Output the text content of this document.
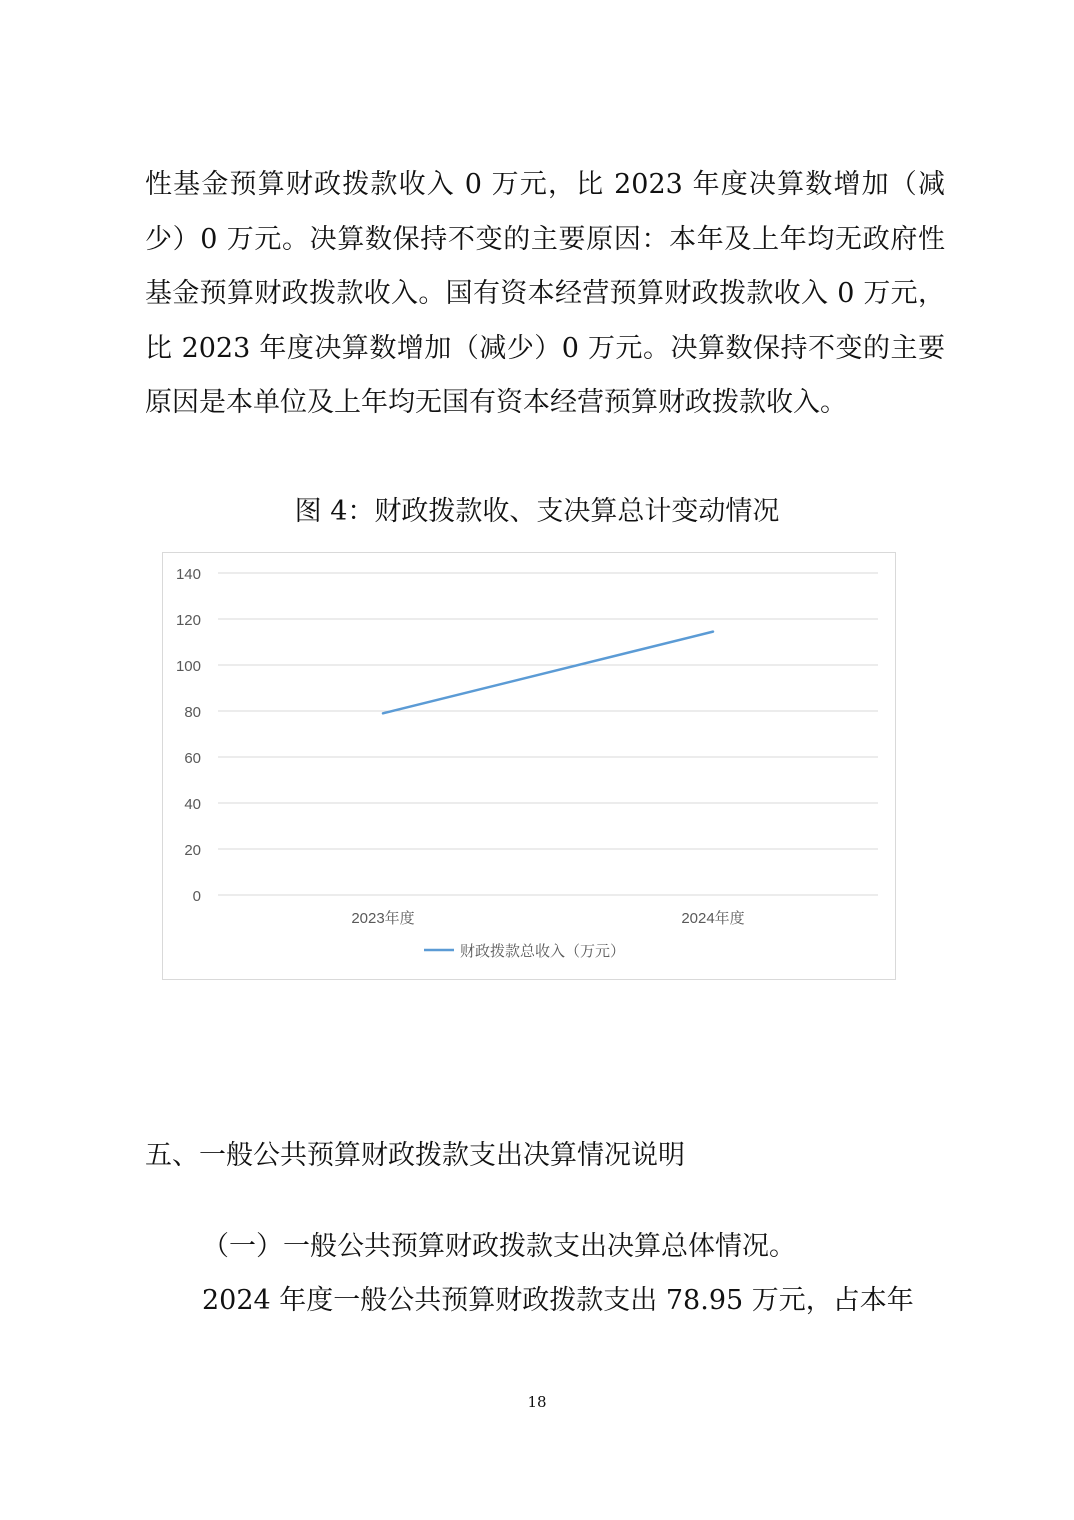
性基金预算财政拨款收入 0 万元，比 2023 年度决算数增加（减少）0 万元。决算数保持不变的主要原因：本年及上年均无政府性基金预算财政拨款收入。国有资本经营预算财政拨款收入 0 万元，比 2023 年度决算数增加（减少）0 万元。决算数保持不变的主要原因是本单位及上年均无国有资本经营预算财政拨款收入。

图 4：财政拨款收、支决算总计变动情况
0
20
40
60
80
100
120
140
2023年度	2024年度
财政拨款总收入（万元）
五、一般公共预算财政拨款支出决算情况说明
（一）一般公共预算财政拨款支出决算总体情况。
2024 年度一般公共预算财政拨款支出 78.95 万元，占本年
18
